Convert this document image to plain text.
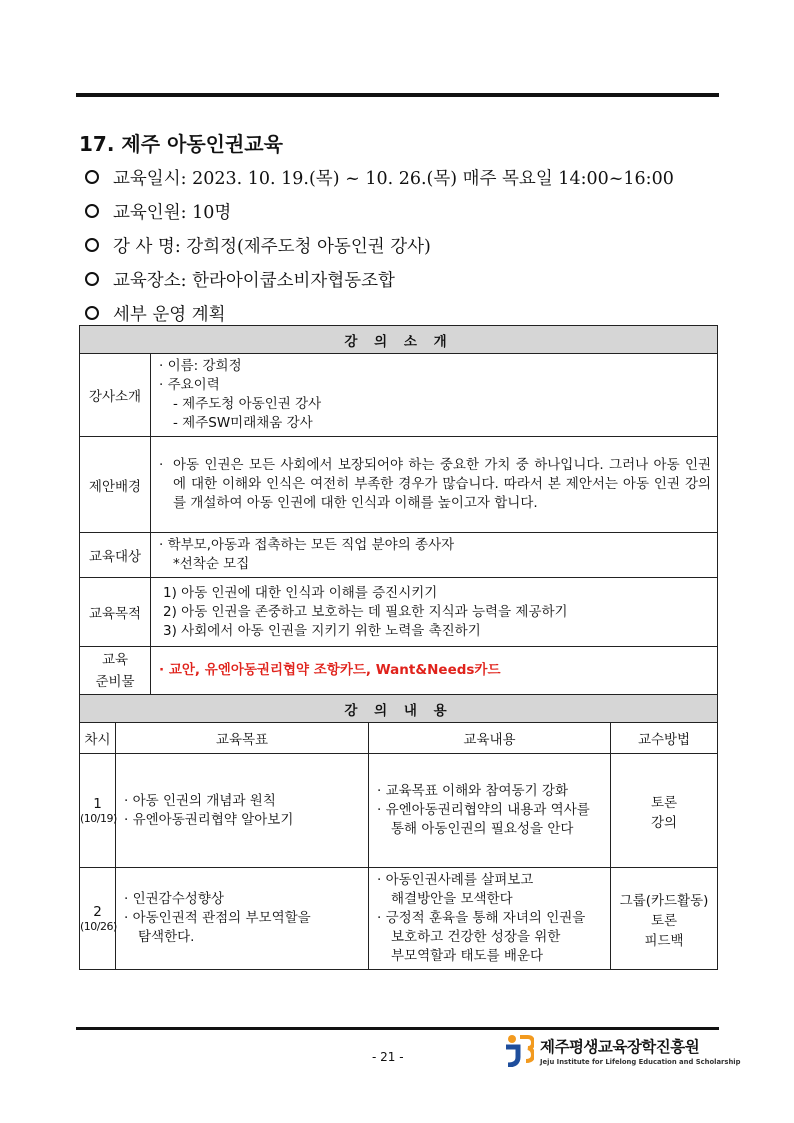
17. 제주 아동인권교육
교육일시: 2023. 10. 19.(목) ~ 10. 26.(목) 매주 목요일 14:00~16:00
교육인원: 10명
강 사 명: 강희정(제주도청 아동인권 강사)
교육장소: 한라아이쿱소비자협동조합
세부 운영 계획
강 의 소 개				
강사소개		· 이름: 강희정
· 주요이력
- 제주도청 아동인권 강사
- 제주SW미래채움 강사		

제안배경		· 아동 인권은 모든 사회에서 보장되어야 하는 중요한 가치 중 하나입니다. 그러나 아동 인권에 대한 이해와 인식은 여전히 부족한 경우가 많습니다. 따라서 본 제안서는 아동 인권 강의를 개설하여 아동 인권에 대한 인식과 이해를 높이고자 합니다.		

교육대상		· 학부모,아동과 접촉하는 모든 직업 분야의 종사자
*선착순 모집		

교육목적		1) 아동 인권에 대한 인식과 이해를 증진시키기
2) 아동 인권을 존중하고 보호하는 데 필요한 지식과 능력을 제공하기
3) 사회에서 아동 인권을 지키기 위한 노력을 촉진하기		

교육
준비물		· 교안, 유엔아동권리협약 조항카드, Want&Needs카드		
강 의 내 용				
차시	교육목표		교육내용	교수방법

1
(10/19)	· 아동 인권의 개념과 원칙
· 유엔아동권리협약 알아보기		· 교육목표 이해와 참여동기 강화
· 유엔아동권리협약의 내용과 역사를
통해 아동인권의 필요성을 안다	토론
강의

2
(10/26)	· 인권감수성향상
· 아동인권적 관점의 부모역할을
탐색한다.		· 아동인권사례를 살펴보고
해결방안을 모색한다
· 긍정적 훈육을 통해 자녀의 인권을
보호하고 건강한 성장을 위한
부모역할과 태도를 배운다	그룹(카드활동)
토론
피드백
- 21 -
제주평생교육장학진흥원
Jeju Institute for Lifelong Education and Scholarship
